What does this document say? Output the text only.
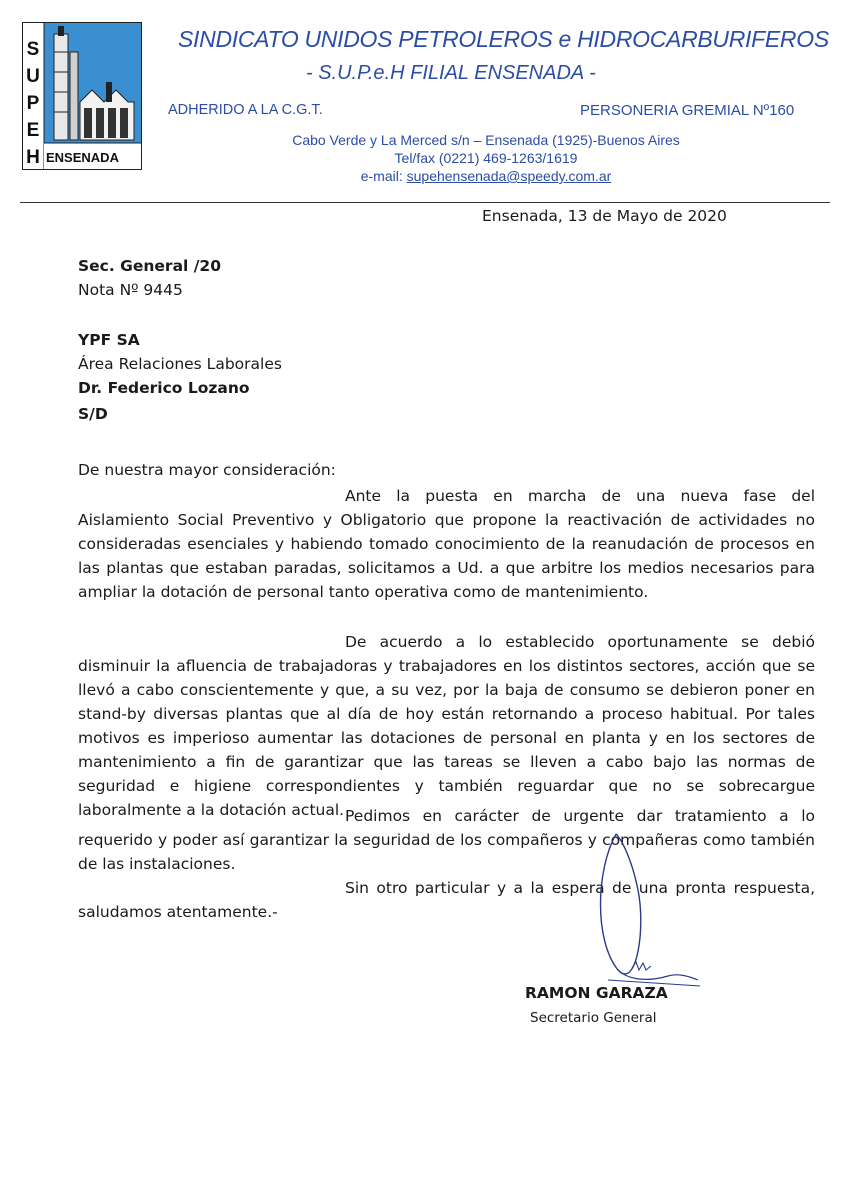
S
U
P
E
H ENSENADA
SINDICATO UNIDOS PETROLEROS e HIDROCARBURIFEROS
- S.U.P.e.H FILIAL ENSENADA -
ADHERIDO A LA C.G.T.	PERSONERIA GREMIAL Nº160
Cabo Verde y La Merced s/n – Ensenada (1925)-Buenos Aires
Tel/fax (0221) 469-1263/1619
e-mail: supehensenada@speedy.com.ar
Ensenada, 13 de Mayo de 2020
Sec. General /20
Nota Nº 9445
YPF SA
Área Relaciones Laborales
Dr. Federico Lozano
S/D
De nuestra mayor consideración:

Ante la puesta en marcha de una nueva fase del Aislamiento Social Preventivo y Obligatorio que propone la reactivación de actividades no consideradas esenciales y habiendo tomado conocimiento de la reanudación de procesos en las plantas que estaban paradas, solicitamos a Ud. a que arbitre los medios necesarios para ampliar la dotación de personal tanto operativa como de mantenimiento.

De acuerdo a lo establecido oportunamente se debió disminuir la afluencia de trabajadoras y trabajadores en los distintos sectores, acción que se llevó a cabo conscientemente y que, a su vez, por la baja de consumo se debieron poner en stand-by diversas plantas que al día de hoy están retornando a proceso habitual. Por tales motivos es imperioso aumentar las dotaciones de personal en planta y en los sectores de mantenimiento a fin de garantizar que las tareas se lleven a cabo bajo las normas de seguridad e higiene correspondientes y también reguardar que no se sobrecargue laboralmente a la dotación actual. Pedimos en carácter de urgente dar tratamiento a lo requerido y poder así garantizar la seguridad de los compañeros y compañeras como también de las instalaciones.

Sin otro particular y a la espera de una pronta respuesta, saludamos atentamente.-

RAMON GARAZA
Secretario General
